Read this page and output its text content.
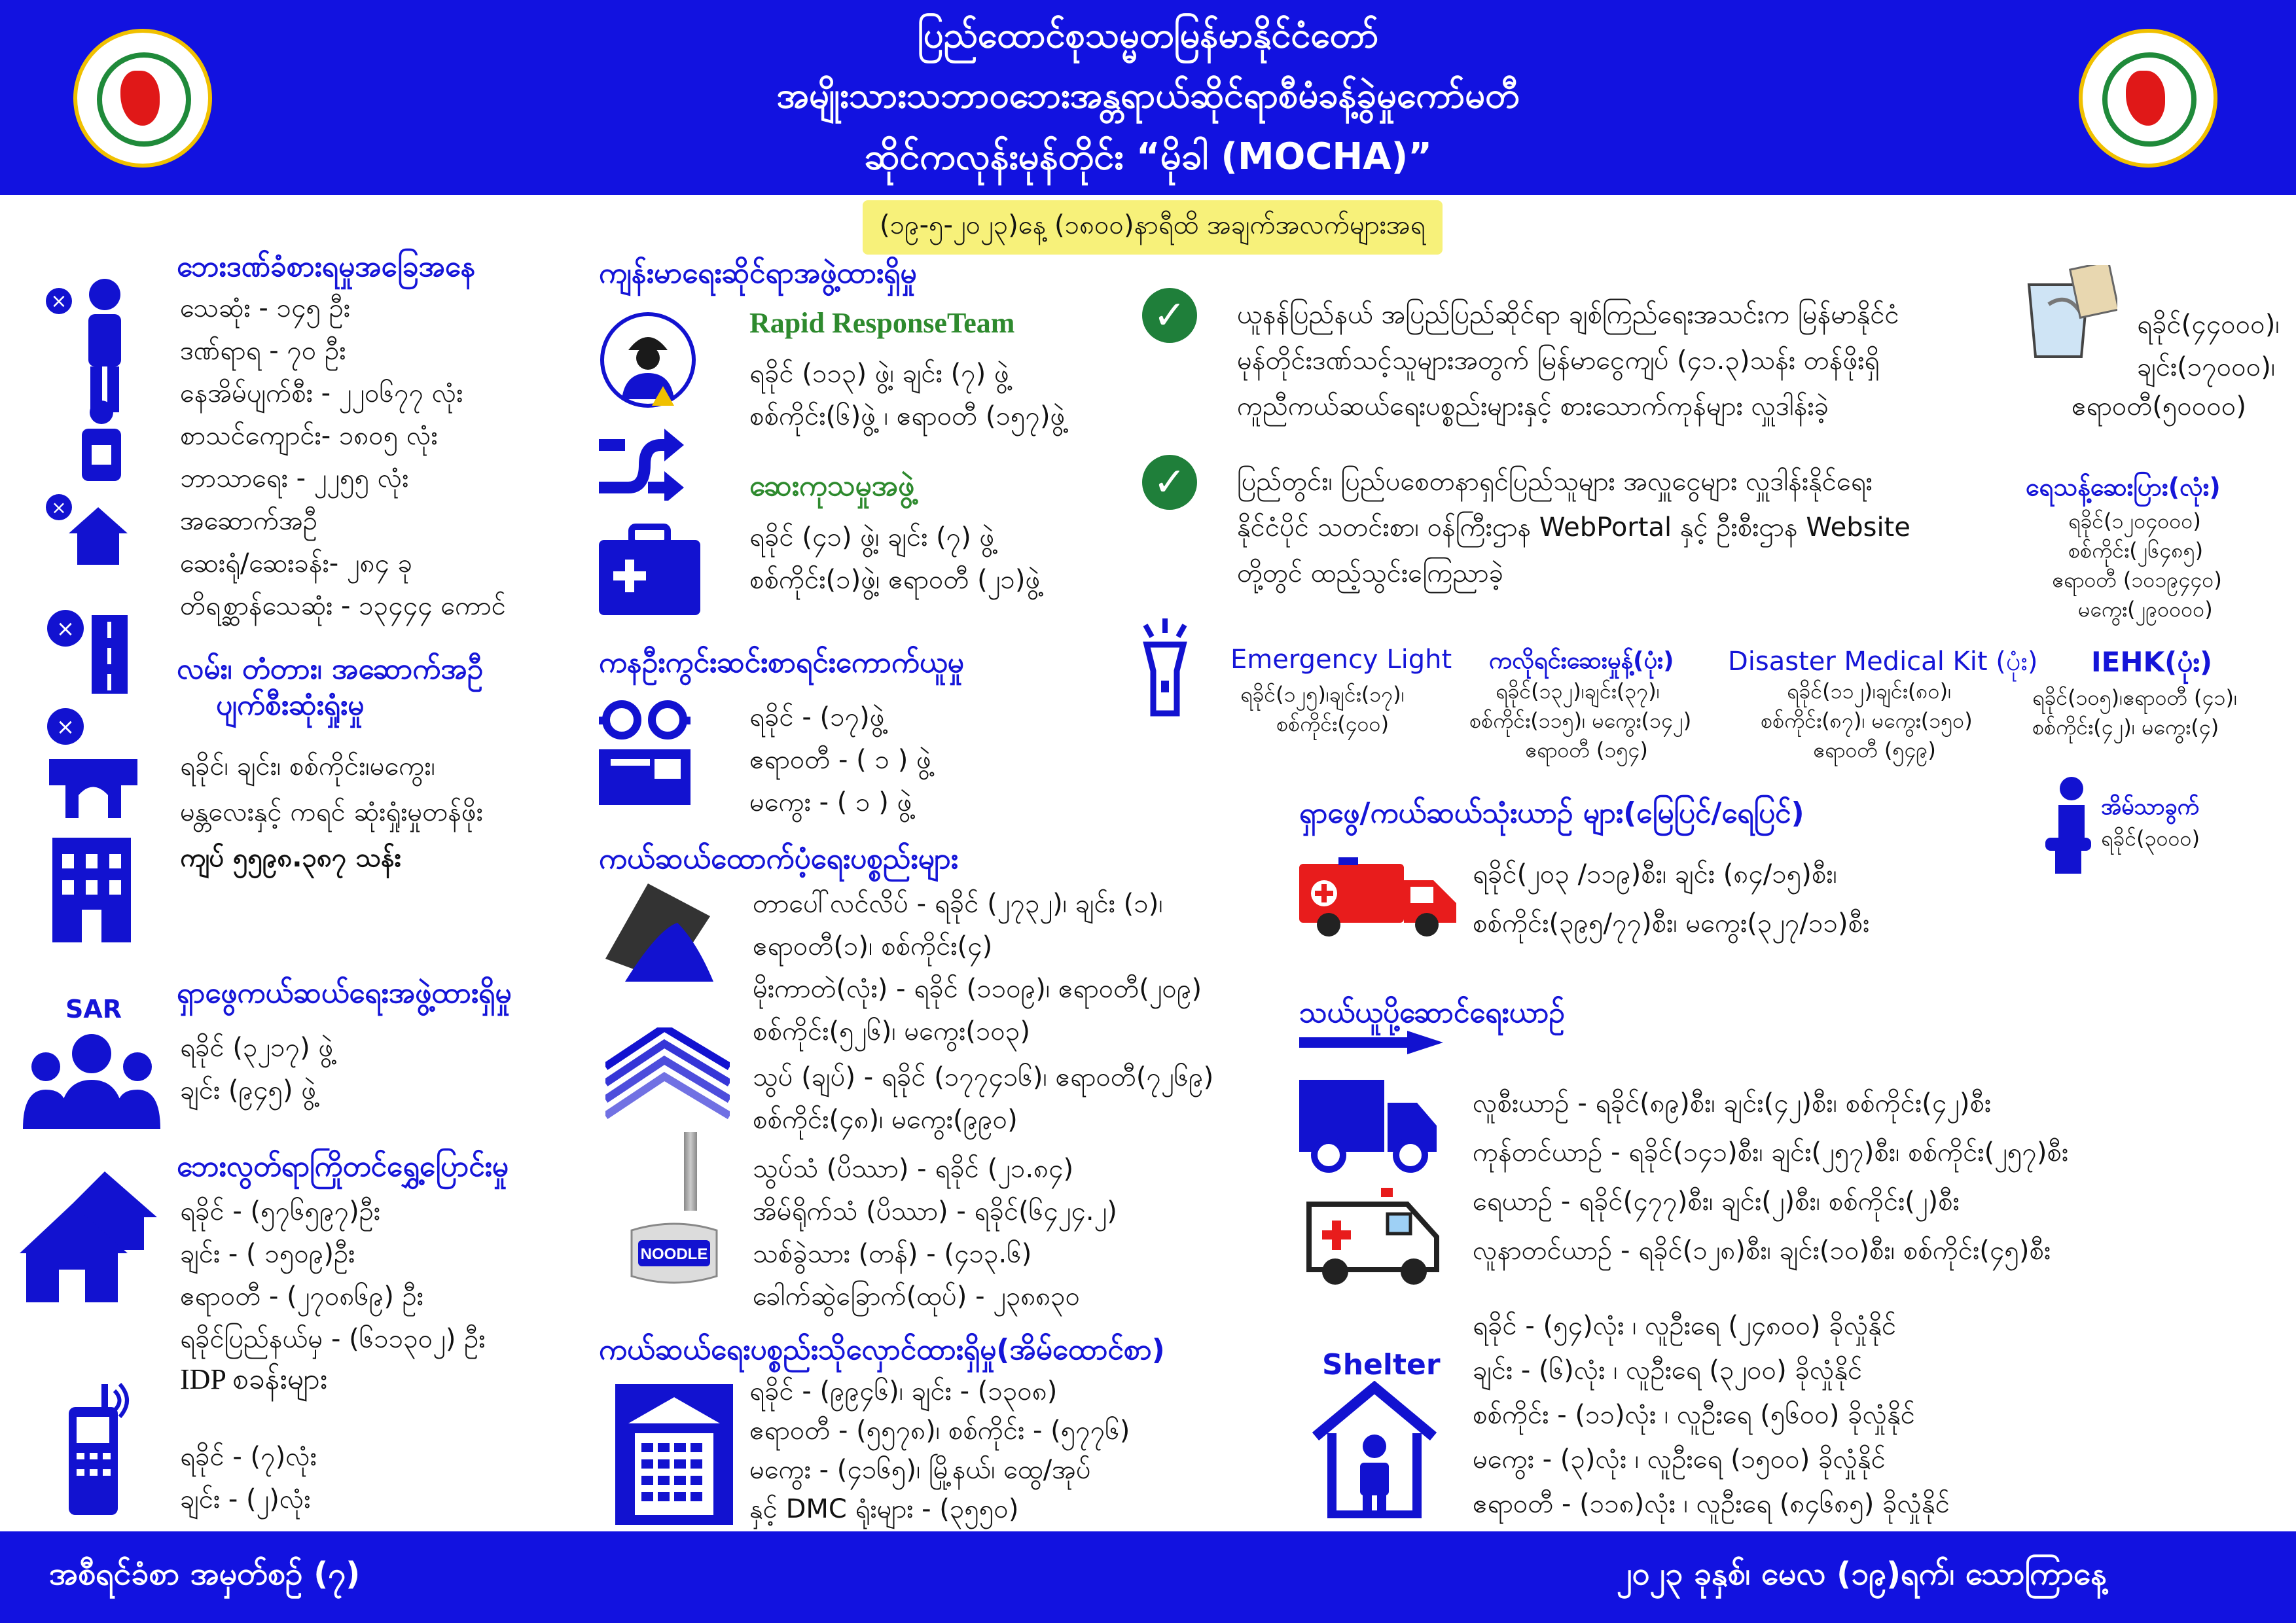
ပြည်ထောင်စုသမ္မတမြန်မာနိုင်ငံတော်
အမျိုးသားသဘာဝဘေးအန္တရာယ်ဆိုင်ရာစီမံခန့်ခွဲမှုကော်မတီ
ဆိုင်ကလုန်းမုန်တိုင်း “မိုခါ (MOCHA)”
(၁၉-၅-၂၀၂၃)နေ့ (၁၈၀၀)နာရီထိ အချက်အလက်များအရ
×
×
ဘေးဒဏ်ခံစားရမှုအခြေအနေ
သေဆုံး - ၁၄၅ ဦး
ဒဏ်ရာရ - ၇၀ ဦး
နေအိမ်ပျက်စီး - ၂၂၀၆၇၇ လုံး
စာသင်ကျောင်း- ၁၈၀၅ လုံး
ဘာသာရေး - ၂၂၅၅ လုံး
အဆောက်အဦ
ဆေးရုံ/ဆေးခန်း- ၂၈၄ ခု
တိရစ္ဆာန်သေဆုံး - ၁၃၄၄၄ ကောင်
×
×
လမ်း၊ တံတား၊ အဆောက်အဦ
ပျက်စီးဆုံးရှုံးမှု
ရခိုင်၊ ချင်း၊ စစ်ကိုင်း၊မကွေး၊
မန္တလေးနှင့် ကရင် ဆုံးရှုံးမှုတန်ဖိုး
ကျပ် ၅၅၉၈.၃၈၇ သန်း
SAR ရှာဖွေကယ်ဆယ်ရေးအဖွဲ့ထားရှိမှု
ရခိုင် (၃၂၁၇) ဖွဲ့
ချင်း (၉၄၅) ဖွဲ့
ဘေးလွတ်ရာကြိုတင်ရွှေ့ပြောင်းမှု
ရခိုင် - (၅၇၆၅၉၇)ဦး
ချင်း - ( ၁၅၀၉)ဦး
ဧရာဝတီ - (၂၇၀၈၆၉) ဦး
ရခိုင်ပြည်နယ်မှ - (၆၁၁၃၀၂) ဦး
IDP စခန်းများ
ရခိုင် - (၇)လုံး
ချင်း - (၂)လုံး
ကျန်းမာရေးဆိုင်ရာအဖွဲ့ထားရှိမှု
Rapid ResponseTeam
ရခိုင် (၁၁၃) ဖွဲ့၊ ချင်း (၇) ဖွဲ့
စစ်ကိုင်း(၆)ဖွဲ့ ၊ ဧရာဝတီ (၁၅၇)ဖွဲ့
ဆေးကုသမှုအဖွဲ့
ရခိုင် (၄၁) ဖွဲ့၊ ချင်း (၇) ဖွဲ့
စစ်ကိုင်း(၁)ဖွဲ့၊ ဧရာဝတီ (၂၁)ဖွဲ့
ကနဦးကွင်းဆင်းစာရင်းကောက်ယူမှု
ရခိုင် - (၁၇)ဖွဲ့
ဧရာဝတီ - ( ၁ ) ဖွဲ့
မကွေး - ( ၁ ) ဖွဲ့
ကယ်ဆယ်ထောက်ပံ့ရေးပစ္စည်းများ
NOODLE
တာပေါ်လင်လိပ် - ရခိုင် (၂၇၃၂)၊ ချင်း (၁)၊
ဧရာဝတီ(၁)၊ စစ်ကိုင်း(၄)
မိုးကာတဲ(လုံး) - ရခိုင် (၁၁၀၉)၊ ဧရာဝတီ(၂၀၉)
စစ်ကိုင်း(၅၂၆)၊ မကွေး(၁၀၃)
သွပ် (ချပ်) - ရခိုင် (၁၇၇၄၁၆)၊ ဧရာဝတီ(၇၂၆၉)
စစ်ကိုင်း(၄၈)၊ မကွေး(၉၉၀)
သွပ်သံ (ပိဿာ) - ရခိုင် (၂၁.၈၄)
အိမ်ရိုက်သံ (ပိဿာ) - ရခိုင်(၆၄၂၄.၂)
သစ်ခွဲသား (တန်) - (၄၁၃.၆)
ခေါက်ဆွဲခြောက်(ထုပ်) - ၂၃၈၈၃၀
ကယ်ဆယ်ရေးပစ္စည်းသိုလှောင်ထားရှိမှု(အိမ်ထောင်စာ)
ရခိုင် - (၉၉၄၆)၊ ချင်း - (၁၃၀၈)
ဧရာဝတီ - (၅၅၇၈)၊ စစ်ကိုင်း - (၅၇၇၆)
မကွေး - (၄၁၆၅)၊ မြို့နယ်၊ ထွေ/အုပ်
နှင့် DMC ရုံးများ - (၃၅၅၀)
✓	ယူနန်ပြည်နယ် အပြည်ပြည်ဆိုင်ရာ ချစ်ကြည်ရေးအသင်းက မြန်မာနိုင်ငံ
မုန်တိုင်းဒဏ်သင့်သူများအတွက် မြန်မာငွေကျပ် (၄၁.၃)သန်း တန်ဖိုးရှိ
ကူညီကယ်ဆယ်ရေးပစ္စည်းများနှင့် စားသောက်ကုန်များ လှူဒါန်းခဲ့
✓	ပြည်တွင်း၊ ပြည်ပစေတနာရှင်ပြည်သူများ အလှူငွေများ လှူဒါန်းနိုင်ရေး
နိုင်ငံပိုင် သတင်းစာ၊ ဝန်ကြီးဌာန WebPortal နှင့် ဦးစီးဌာန Website
တို့တွင် ထည့်သွင်းကြေညာခဲ့
ရခိုင်(၄၄၀၀၀)၊
ချင်း(၁၇၀၀၀)၊
ဧရာဝတီ(၅၀၀၀၀)
ရေသန့်ဆေးပြား(လုံး)
ရခိုင်(၁၂၀၄၀၀၀)
စစ်ကိုင်း(၂၆၄၈၅)
ဧရာဝတီ (၁၀၁၉၄၄၀)
မကွေး(၂၉၀၀၀၀)
Emergency Light
ရခိုင်(၁၂၅)၊ချင်း(၁၇)၊
စစ်ကိုင်း(၄၀၀)
ကလိုရင်းဆေးမှုန့်(ပုံး)
ရခိုင်(၁၃၂)၊ချင်း(၃၇)၊
စစ်ကိုင်း(၁၁၅)၊ မကွေး(၁၄၂)
ဧရာဝတီ (၁၅၄)
Disaster Medical Kit (ပုံး)
ရခိုင်(၁၁၂)၊ချင်း(၈၀)၊
စစ်ကိုင်း(၈၇)၊ မကွေး(၁၅၀)
ဧရာဝတီ (၅၄၉)
IEHK(ပုံး)
ရခိုင်(၁၀၅)၊ဧရာဝတီ (၄၁)၊
စစ်ကိုင်း(၄၂)၊ မကွေး(၄)
အိမ်သာခွက်
ရခိုင်(၃၀၀၀)
ရှာဖွေ/ကယ်ဆယ်သုံးယာဉ် များ(မြေပြင်/ရေပြင်)
ရခိုင်(၂၀၃ /၁၁၉)စီး၊ ချင်း (၈၄/၁၅)စီး၊
စစ်ကိုင်း(၃၉၅/၇၇)စီး၊ မကွေး(၃၂၇/၁၁)စီး
သယ်ယူပို့ဆောင်ရေးယာဉ်
လူစီးယာဉ် - ရခိုင်(၈၉)စီး၊ ချင်း(၄၂)စီး၊ စစ်ကိုင်း(၄၂)စီး
ကုန်တင်ယာဉ် - ရခိုင်(၁၄၁)စီး၊ ချင်း(၂၅၇)စီး၊ စစ်ကိုင်း(၂၅၇)စီး
ရေယာဉ် - ရခိုင်(၄၇၇)စီး၊ ချင်း(၂)စီး၊ စစ်ကိုင်း(၂)စီး
လူနာတင်ယာဉ် - ရခိုင်(၁၂၈)စီး၊ ချင်း(၁၀)စီး၊ စစ်ကိုင်း(၄၅)စီး
Shelter
ရခိုင် - (၅၄)လုံး ၊ လူဦးရေ (၂၄၈၀၀) ခိုလှုံနိုင်
ချင်း - (၆)လုံး ၊ လူဦးရေ (၃၂၀၀) ခိုလှုံနိုင်
စစ်ကိုင်း - (၁၁)လုံး ၊ လူဦးရေ (၅၆၀၀) ခိုလှုံနိုင်
မကွေး - (၃)လုံး ၊ လူဦးရေ (၁၅၀၀) ခိုလှုံနိုင်
ဧရာဝတီ - (၁၁၈)လုံး ၊ လူဦးရေ (၈၄၆၈၅) ခိုလှုံနိုင်
အစီရင်ခံစာ အမှတ်စဉ် (၇)	၂၀၂၃ ခုနှစ်၊ မေလ (၁၉)ရက်၊ သောကြာနေ့
